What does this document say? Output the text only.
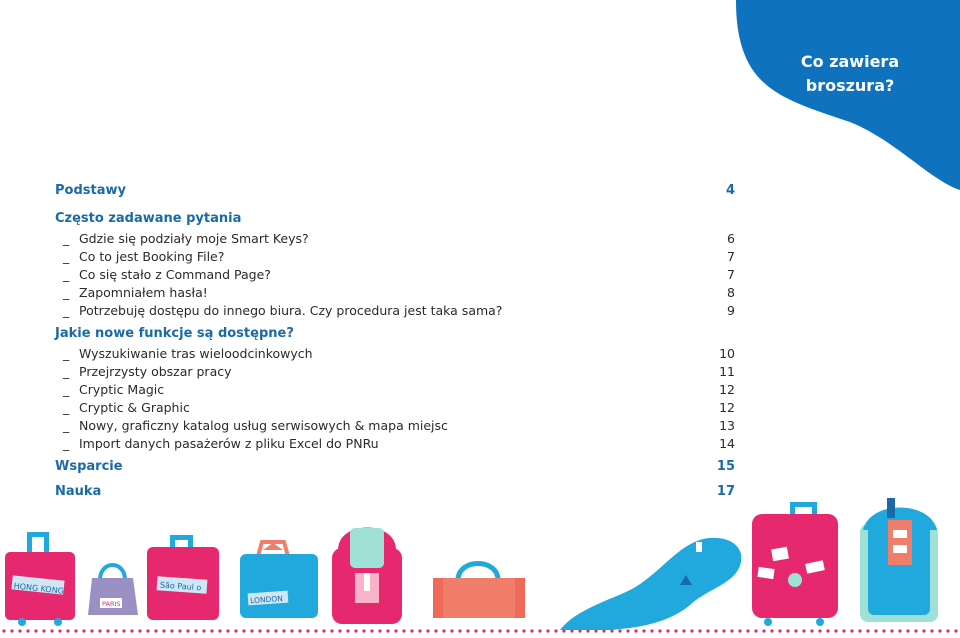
Co zawiera
broszura?
Podstawy	4
Często zadawane pytania
_ Gdzie się podziały moje Smart Keys?	6
_ Co to jest Booking File?	7
_ Co się stało z Command Page?	7
_ Zapomniałem hasła!	8
_ Potrzebuję dostępu do innego biura. Czy procedura jest taka sama?	9
Jakie nowe funkcje są dostępne?
_ Wyszukiwanie tras wieloodcinkowych	10
_ Przejrzysty obszar pracy	11
_ Cryptic Magic	12
_ Cryptic & Graphic	12
_ Nowy, graficzny katalog usług serwisowych & mapa miejsc	13
_ Import danych pasażerów z pliku Excel do PNRu	14
Wsparcie	15
Nauka	17
HONG KONG
PARIS
São Paul o
LONDON
